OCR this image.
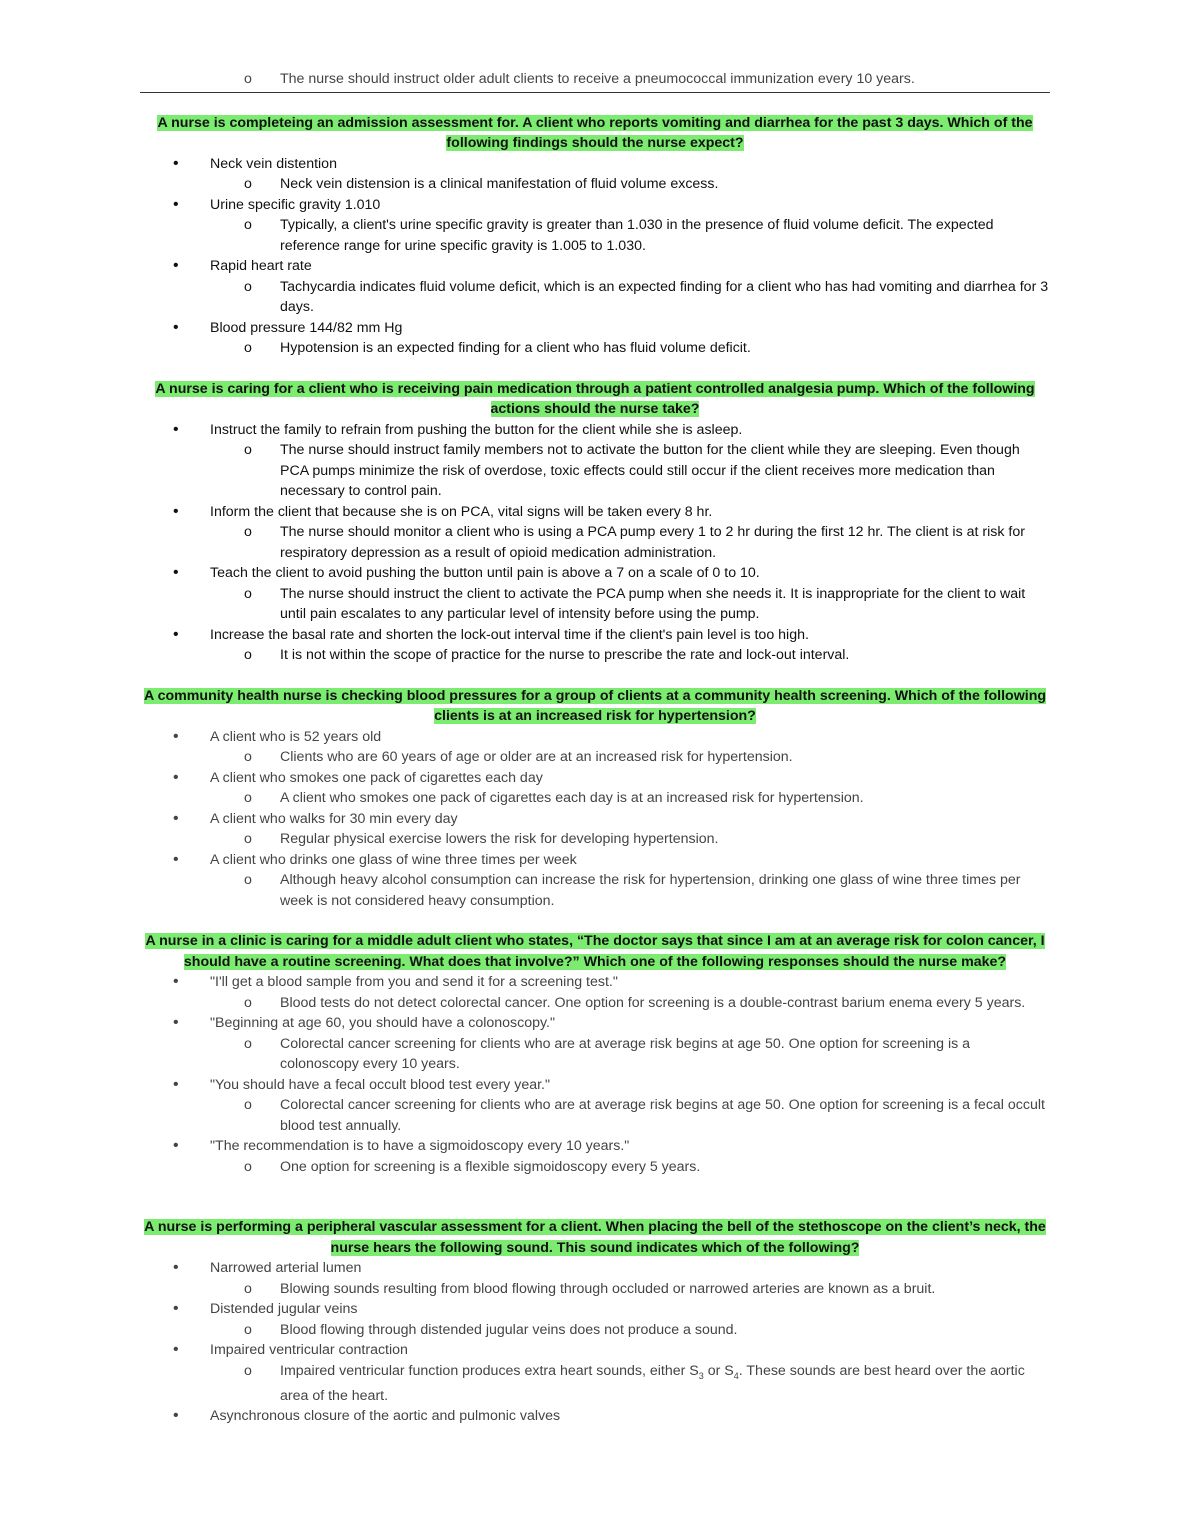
o The nurse should instruct older adult clients to receive a pneumococcal immunization every 10 years.
A nurse is completeing an admission assessment for. A client who reports vomiting and diarrhea for the past 3 days. Which of the following findings should the nurse expect?
• Neck vein distention
o Neck vein distension is a clinical manifestation of fluid volume excess.
• Urine specific gravity 1.010
o Typically, a client's urine specific gravity is greater than 1.030 in the presence of fluid volume deficit. The expected reference range for urine specific gravity is 1.005 to 1.030.
• Rapid heart rate
o Tachycardia indicates fluid volume deficit, which is an expected finding for a client who has had vomiting and diarrhea for 3 days.
• Blood pressure 144/82 mm Hg
o Hypotension is an expected finding for a client who has fluid volume deficit.
A nurse is caring for a client who is receiving pain medication through a patient controlled analgesia pump. Which of the following actions should the nurse take?
• Instruct the family to refrain from pushing the button for the client while she is asleep.
o The nurse should instruct family members not to activate the button for the client while they are sleeping. Even though PCA pumps minimize the risk of overdose, toxic effects could still occur if the client receives more medication than necessary to control pain.
• Inform the client that because she is on PCA, vital signs will be taken every 8 hr.
o The nurse should monitor a client who is using a PCA pump every 1 to 2 hr during the first 12 hr. The client is at risk for respiratory depression as a result of opioid medication administration.
• Teach the client to avoid pushing the button until pain is above a 7 on a scale of 0 to 10.
o The nurse should instruct the client to activate the PCA pump when she needs it. It is inappropriate for the client to wait until pain escalates to any particular level of intensity before using the pump.
• Increase the basal rate and shorten the lock-out interval time if the client's pain level is too high.
o It is not within the scope of practice for the nurse to prescribe the rate and lock-out interval.
A community health nurse is checking blood pressures for a group of clients at a community health screening. Which of the following clients is at an increased risk for hypertension?
• A client who is 52 years old
o Clients who are 60 years of age or older are at an increased risk for hypertension.
• A client who smokes one pack of cigarettes each day
o A client who smokes one pack of cigarettes each day is at an increased risk for hypertension.
• A client who walks for 30 min every day
o Regular physical exercise lowers the risk for developing hypertension.
• A client who drinks one glass of wine three times per week
o Although heavy alcohol consumption can increase the risk for hypertension, drinking one glass of wine three times per week is not considered heavy consumption.
A nurse in a clinic is caring for a middle adult client who states, “The doctor says that since I am at an average risk for colon cancer, I should have a routine screening. What does that involve?” Which one of the following responses should the nurse make?
• "I'll get a blood sample from you and send it for a screening test."
o Blood tests do not detect colorectal cancer. One option for screening is a double-contrast barium enema every 5 years.
• "Beginning at age 60, you should have a colonoscopy."
o Colorectal cancer screening for clients who are at average risk begins at age 50. One option for screening is a colonoscopy every 10 years.
• "You should have a fecal occult blood test every year."
o Colorectal cancer screening for clients who are at average risk begins at age 50. One option for screening is a fecal occult blood test annually.
• "The recommendation is to have a sigmoidoscopy every 10 years."
o One option for screening is a flexible sigmoidoscopy every 5 years.
A nurse is performing a peripheral vascular assessment for a client. When placing the bell of the stethoscope on the client’s neck, the nurse hears the following sound. This sound indicates which of the following?
• Narrowed arterial lumen
o Blowing sounds resulting from blood flowing through occluded or narrowed arteries are known as a bruit.
• Distended jugular veins
o Blood flowing through distended jugular veins does not produce a sound.
• Impaired ventricular contraction
o Impaired ventricular function produces extra heart sounds, either $S_3$ or $S_4$. These sounds are best heard over the aortic area of the heart.
• Asynchronous closure of the aortic and pulmonic valves
